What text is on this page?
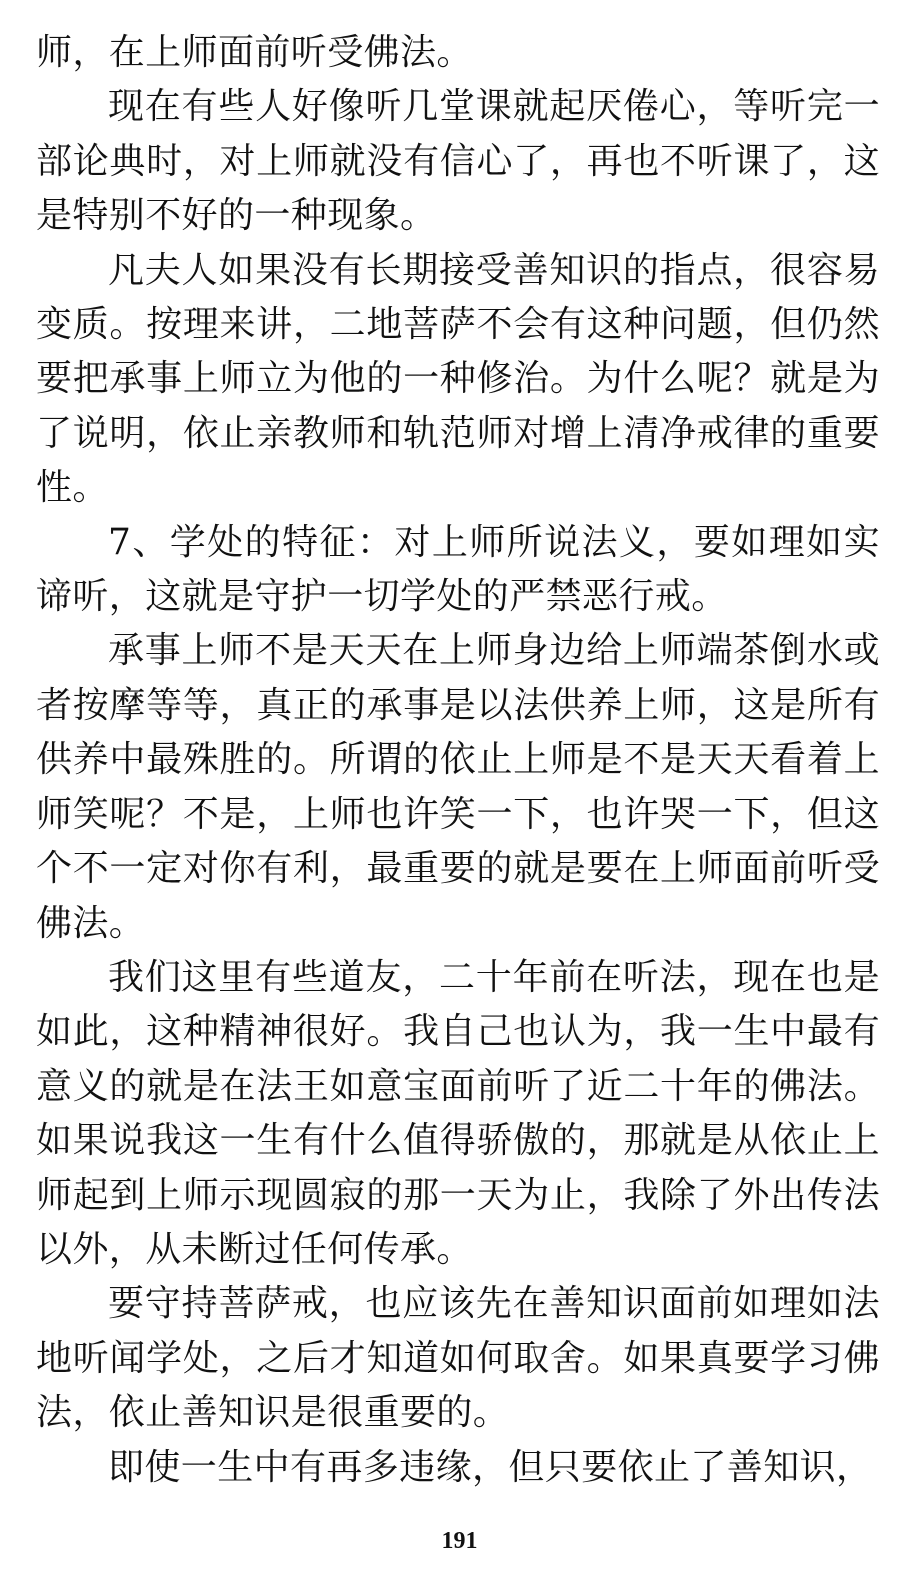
师，在上师面前听受佛法。

现在有些人好像听几堂课就起厌倦心，等听完一部论典时，对上师就没有信心了，再也不听课了，这是特别不好的一种现象。

凡夫人如果没有长期接受善知识的指点，很容易变质。按理来讲，二地菩萨不会有这种问题，但仍然要把承事上师立为他的一种修治。为什么呢？就是为了说明，依止亲教师和轨范师对增上清净戒律的重要性。

7、学处的特征：对上师所说法义，要如理如实谛听，这就是守护一切学处的严禁恶行戒。

承事上师不是天天在上师身边给上师端茶倒水或者按摩等等，真正的承事是以法供养上师，这是所有供养中最殊胜的。所谓的依止上师是不是天天看着上师笑呢？不是，上师也许笑一下，也许哭一下，但这个不一定对你有利，最重要的就是要在上师面前听受佛法。

我们这里有些道友，二十年前在听法，现在也是如此，这种精神很好。我自己也认为，我一生中最有意义的就是在法王如意宝面前听了近二十年的佛法。如果说我这一生有什么值得骄傲的，那就是从依止上师起到上师示现圆寂的那一天为止，我除了外出传法以外，从未断过任何传承。

要守持菩萨戒，也应该先在善知识面前如理如法地听闻学处，之后才知道如何取舍。如果真要学习佛法，依止善知识是很重要的。

即使一生中有再多违缘，但只要依止了善知识，

191
